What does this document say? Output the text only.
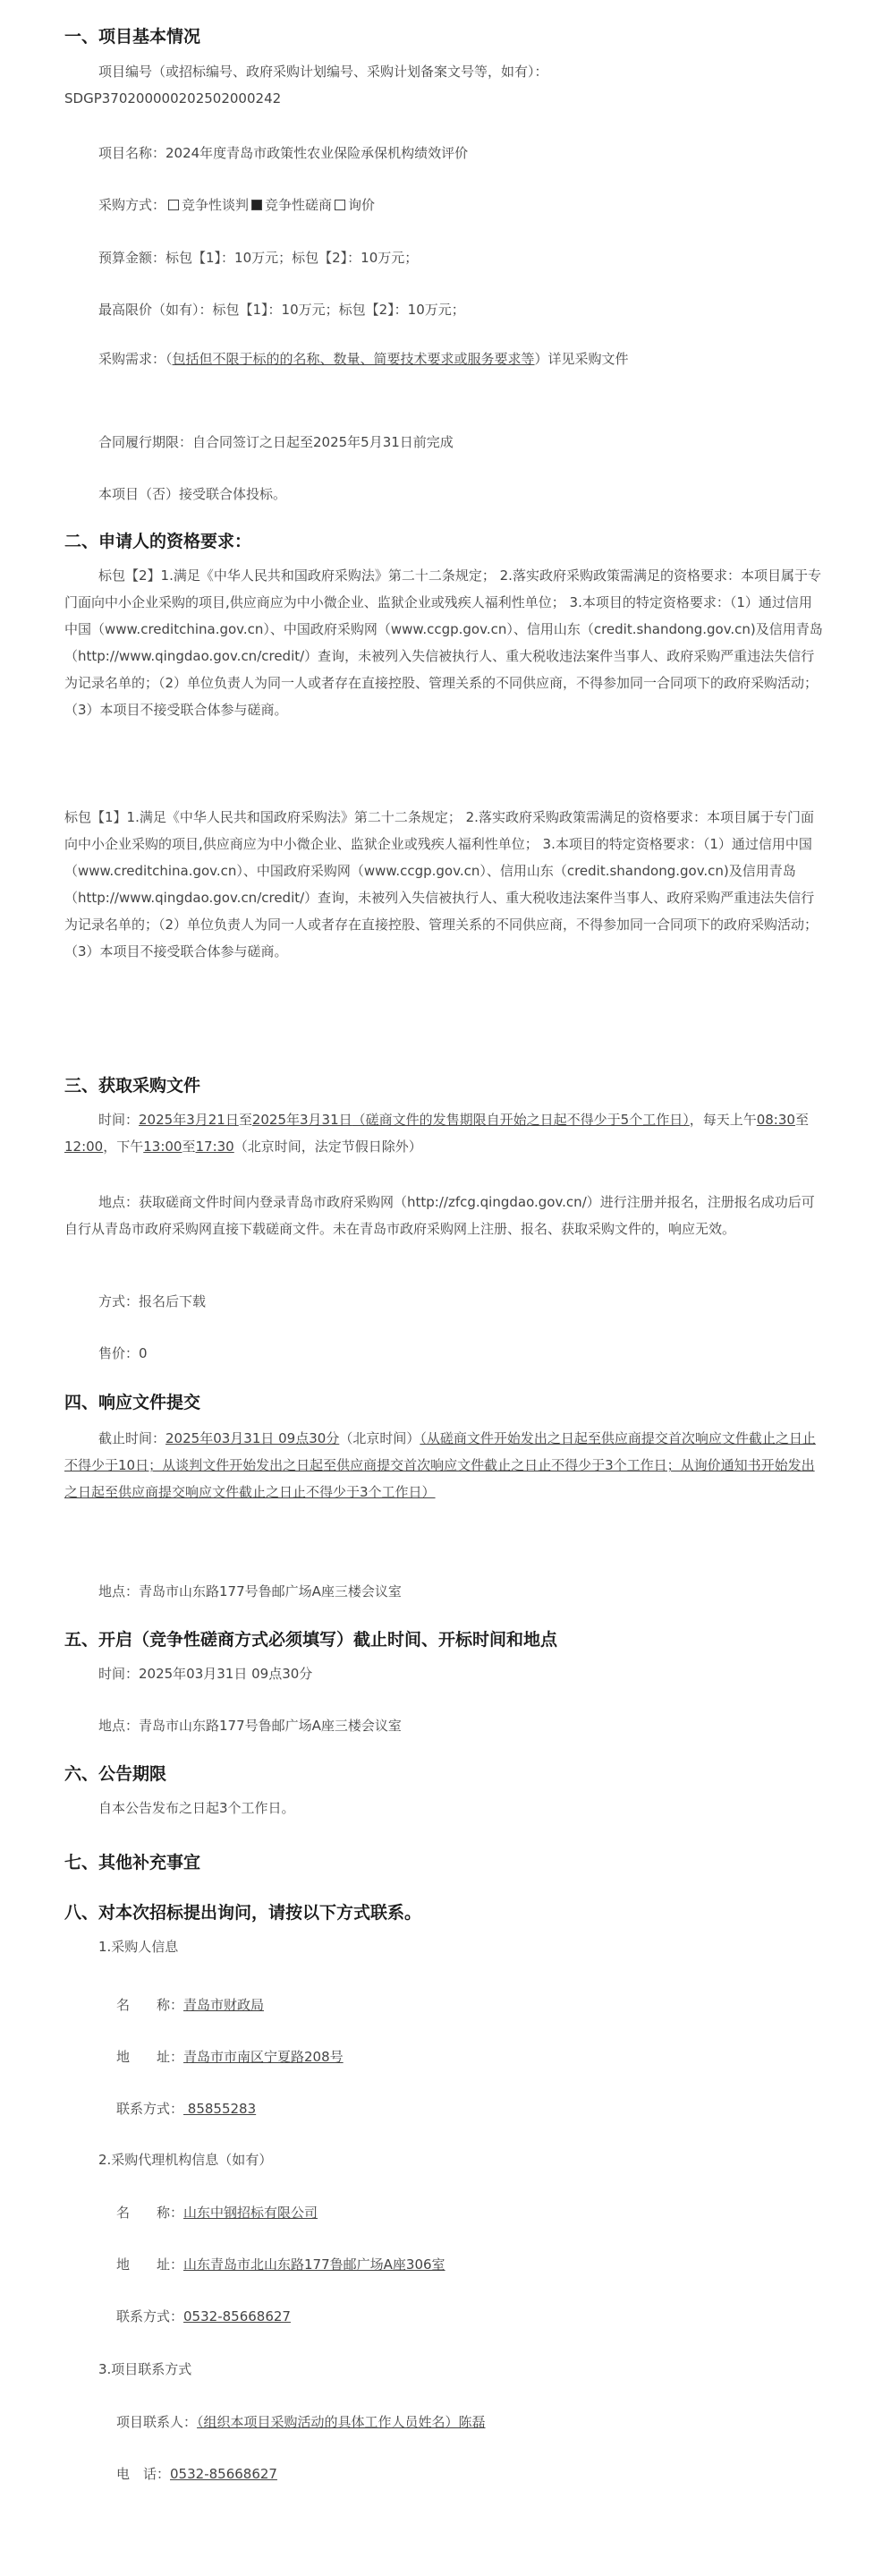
一、项目基本情况
项目编号（或招标编号、政府采购计划编号、采购计划备案文号等，如有）：
SDGP370200000202502000242
项目名称：2024年度青岛市政策性农业保险承保机构绩效评价
采购方式： 竞争性谈判 竞争性磋商 询价
预算金额：标包【1】：10万元；标包【2】：10万元；
最高限价（如有）：标包【1】：10万元；标包【2】：10万元；
采购需求：（包括但不限于标的的名称、数量、简要技术要求或服务要求等）详见采购文件
合同履行期限：自合同签订之日起至2025年5月31日前完成
本项目（否）接受联合体投标。
二、申请人的资格要求：
标包【2】1.满足《中华人民共和国政府采购法》第二十二条规定； 2.落实政府采购政策需满足的资格要求：本项目属于专门面向中小企业采购的项目,供应商应为中小微企业、监狱企业或残疾人福利性单位； 3.本项目的特定资格要求：（1）通过信用中国（www.creditchina.gov.cn）、中国政府采购网（www.ccgp.gov.cn）、信用山东（credit.shandong.gov.cn)及信用青岛（http://www.qingdao.gov.cn/credit/）查询，未被列入失信被执行人、重大税收违法案件当事人、政府采购严重违法失信行为记录名单的；（2）单位负责人为同一人或者存在直接控股、管理关系的不同供应商，不得参加同一合同项下的政府采购活动；（3）本项目不接受联合体参与磋商。
标包【1】1.满足《中华人民共和国政府采购法》第二十二条规定； 2.落实政府采购政策需满足的资格要求：本项目属于专门面向中小企业采购的项目,供应商应为中小微企业、监狱企业或残疾人福利性单位； 3.本项目的特定资格要求：（1）通过信用中国（www.creditchina.gov.cn）、中国政府采购网（www.ccgp.gov.cn）、信用山东（credit.shandong.gov.cn)及信用青岛（http://www.qingdao.gov.cn/credit/）查询，未被列入失信被执行人、重大税收违法案件当事人、政府采购严重违法失信行为记录名单的；（2）单位负责人为同一人或者存在直接控股、管理关系的不同供应商，不得参加同一合同项下的政府采购活动；（3）本项目不接受联合体参与磋商。
三、获取采购文件
时间：2025年3月21日至2025年3月31日（磋商文件的发售期限自开始之日起不得少于5个工作日），每天上午08:30至12:00，下午13:00至17:30（北京时间，法定节假日除外）
地点：获取磋商文件时间内登录青岛市政府采购网（http://zfcg.qingdao.gov.cn/）进行注册并报名，注册报名成功后可自行从青岛市政府采购网直接下载磋商文件。未在青岛市政府采购网上注册、报名、获取采购文件的，响应无效。
方式：报名后下载
售价：0
四、响应文件提交
截止时间：2025年03月31日 09点30分（北京时间）（从磋商文件开始发出之日起至供应商提交首次响应文件截止之日止不得少于10日；从谈判文件开始发出之日起至供应商提交首次响应文件截止之日止不得少于3个工作日；从询价通知书开始发出之日起至供应商提交响应文件截止之日止不得少于3个工作日）
地点：青岛市山东路177号鲁邮广场A座三楼会议室
五、开启（竞争性磋商方式必须填写）截止时间、开标时间和地点
时间：2025年03月31日 09点30分
地点：青岛市山东路177号鲁邮广场A座三楼会议室
六、公告期限
自本公告发布之日起3个工作日。
七、其他补充事宜
八、对本次招标提出询问，请按以下方式联系。
1.采购人信息
名　　称：青岛市财政局
地　　址：青岛市市南区宁夏路208号
联系方式： 85855283
2.采购代理机构信息（如有）
名　　称：山东中钢招标有限公司
地　　址：山东青岛市北山东路177鲁邮广场A座306室
联系方式：0532-85668627
3.项目联系方式
项目联系人：（组织本项目采购活动的具体工作人员姓名）陈磊
电　话：0532-85668627
